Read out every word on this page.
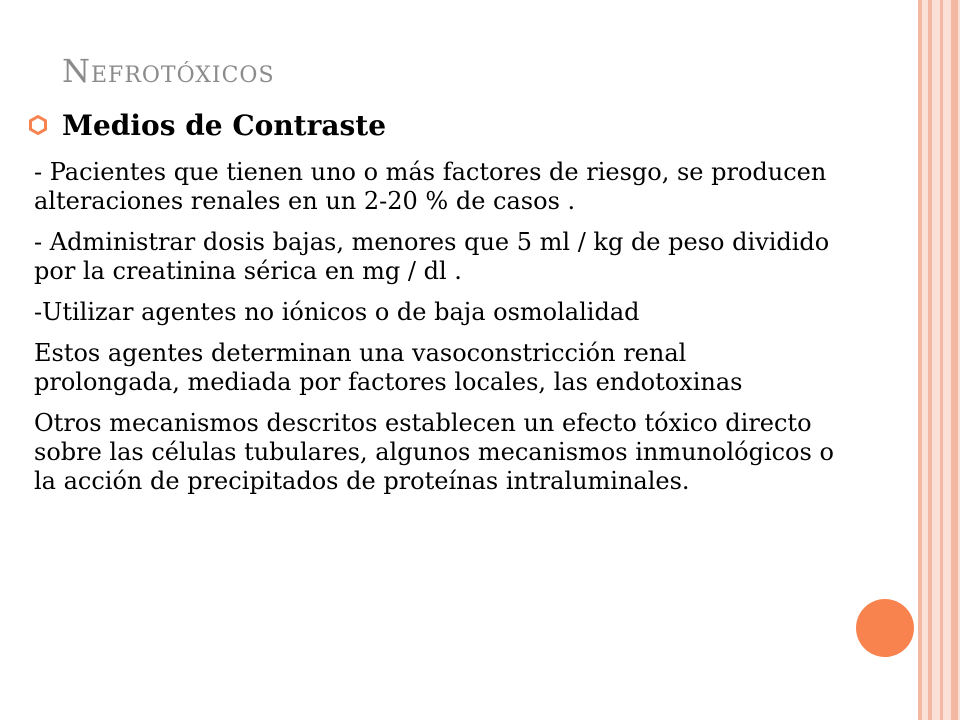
Nefrotóxicos
Medios de Contraste

- Pacientes que tienen uno o más factores de riesgo, se producen alteraciones renales en un 2-20 % de casos .

- Administrar dosis bajas, menores que 5 ml / kg de peso dividido por la creatinina sérica en mg / dl .

-Utilizar agentes no iónicos o de baja osmolalidad

Estos agentes determinan una vasoconstricción renal prolongada, mediada por factores locales, las endotoxinas

Otros mecanismos descritos establecen un efecto tóxico directo sobre las células tubulares, algunos mecanismos inmunológicos o la acción de precipitados de proteínas intraluminales.
